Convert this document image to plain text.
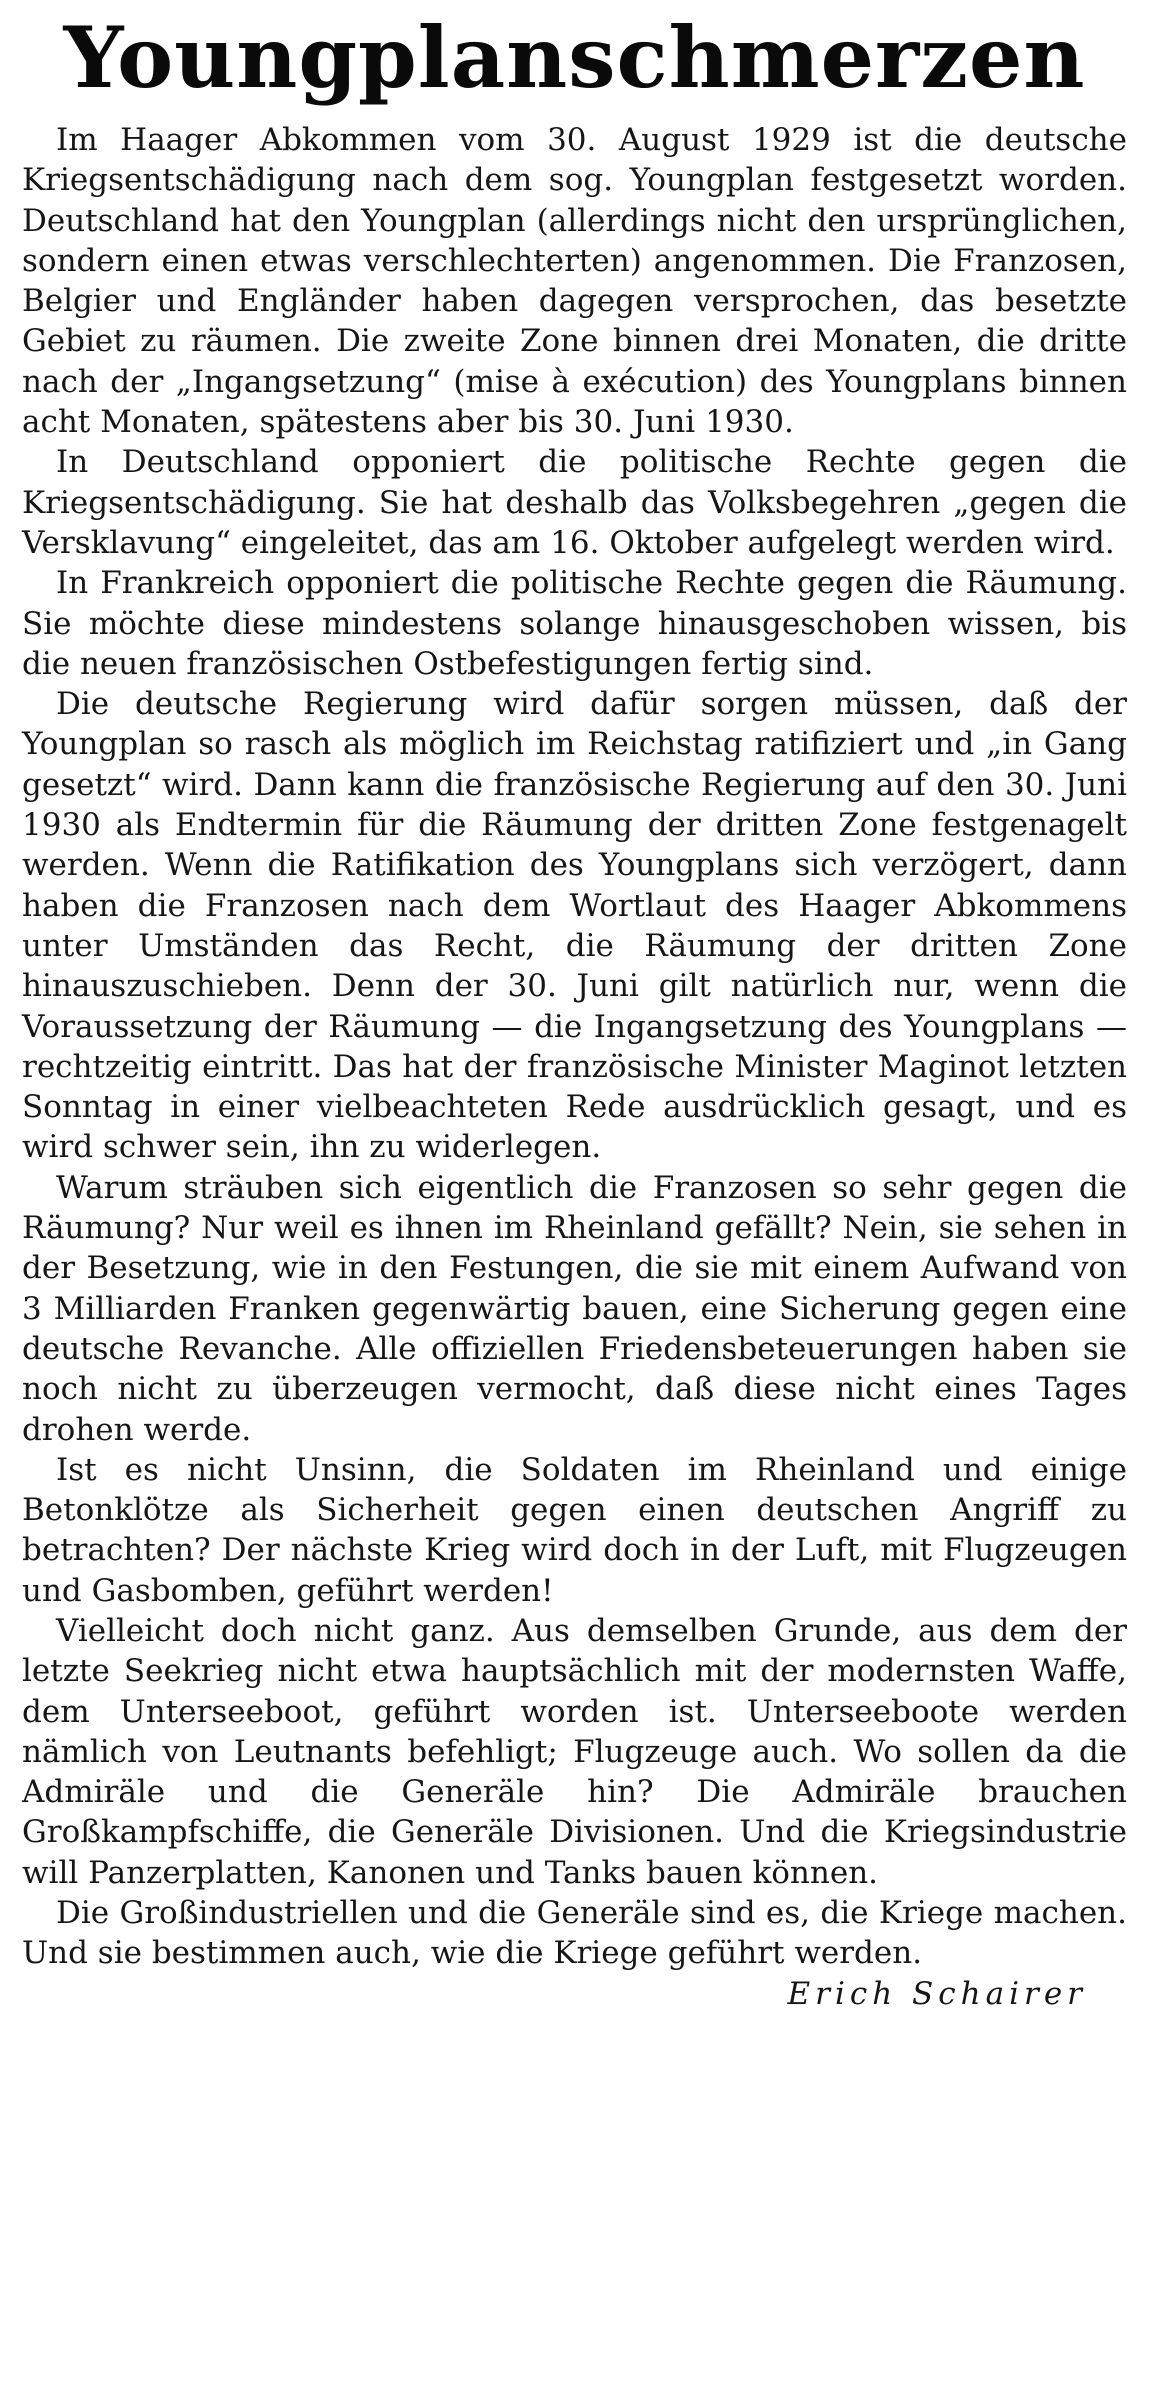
Youngplanschmerzen

Im Haager Abkommen vom 30. August 1929 ist die deutsche Kriegsentschädigung nach dem sog. Youngplan festgesetzt worden. Deutschland hat den Youngplan (allerdings nicht den ursprünglichen, sondern einen etwas verschlechterten) angenommen. Die Franzosen, Belgier und Engländer haben dagegen versprochen, das besetzte Gebiet zu räumen. Die zweite Zone binnen drei Monaten, die dritte nach der „Ingangsetzung“ (mise à exécution) des Youngplans binnen acht Monaten, spätestens aber bis 30. Juni 1930.

In Deutschland opponiert die politische Rechte gegen die Kriegsentschädigung. Sie hat deshalb das Volksbegehren „gegen die Versklavung“ eingeleitet, das am 16. Oktober aufgelegt werden wird.

In Frankreich opponiert die politische Rechte gegen die Räumung. Sie möchte diese mindestens solange hinausgeschoben wissen, bis die neuen französischen Ostbefestigungen fertig sind.

Die deutsche Regierung wird dafür sorgen müssen, daß der Youngplan so rasch als möglich im Reichstag ratifiziert und „in Gang gesetzt“ wird. Dann kann die französische Regierung auf den 30. Juni 1930 als Endtermin für die Räumung der dritten Zone festgenagelt werden. Wenn die Ratifikation des Youngplans sich verzögert, dann haben die Franzosen nach dem Wortlaut des Haager Abkommens unter Umständen das Recht, die Räumung der dritten Zone hinauszuschieben. Denn der 30. Juni gilt natürlich nur, wenn die Voraussetzung der Räumung — die Ingangsetzung des Youngplans — rechtzeitig eintritt. Das hat der französische Minister Maginot letzten Sonntag in einer vielbeachteten Rede ausdrücklich gesagt, und es wird schwer sein, ihn zu widerlegen.

Warum sträuben sich eigentlich die Franzosen so sehr gegen die Räumung? Nur weil es ihnen im Rheinland gefällt? Nein, sie sehen in der Besetzung, wie in den Festungen, die sie mit einem Aufwand von 3 Milliarden Franken gegenwärtig bauen, eine Sicherung gegen eine deutsche Revanche. Alle offiziellen Friedensbeteuerungen haben sie noch nicht zu überzeugen vermocht, daß diese nicht eines Tages drohen werde.

Ist es nicht Unsinn, die Soldaten im Rheinland und einige Betonklötze als Sicherheit gegen einen deutschen Angriff zu betrachten? Der nächste Krieg wird doch in der Luft, mit Flugzeugen und Gasbomben, geführt werden!

Vielleicht doch nicht ganz. Aus demselben Grunde, aus dem der letzte Seekrieg nicht etwa hauptsächlich mit der modernsten Waffe, dem Unterseeboot, geführt worden ist. Unterseeboote werden nämlich von Leutnants befehligt; Flugzeuge auch. Wo sollen da die Admiräle und die Generäle hin? Die Admiräle brauchen Großkampfschiffe, die Generäle Divisionen. Und die Kriegsindustrie will Panzerplatten, Kanonen und Tanks bauen können.

Die Großindustriellen und die Generäle sind es, die Kriege machen. Und sie bestimmen auch, wie die Kriege geführt werden.

Erich Schairer
